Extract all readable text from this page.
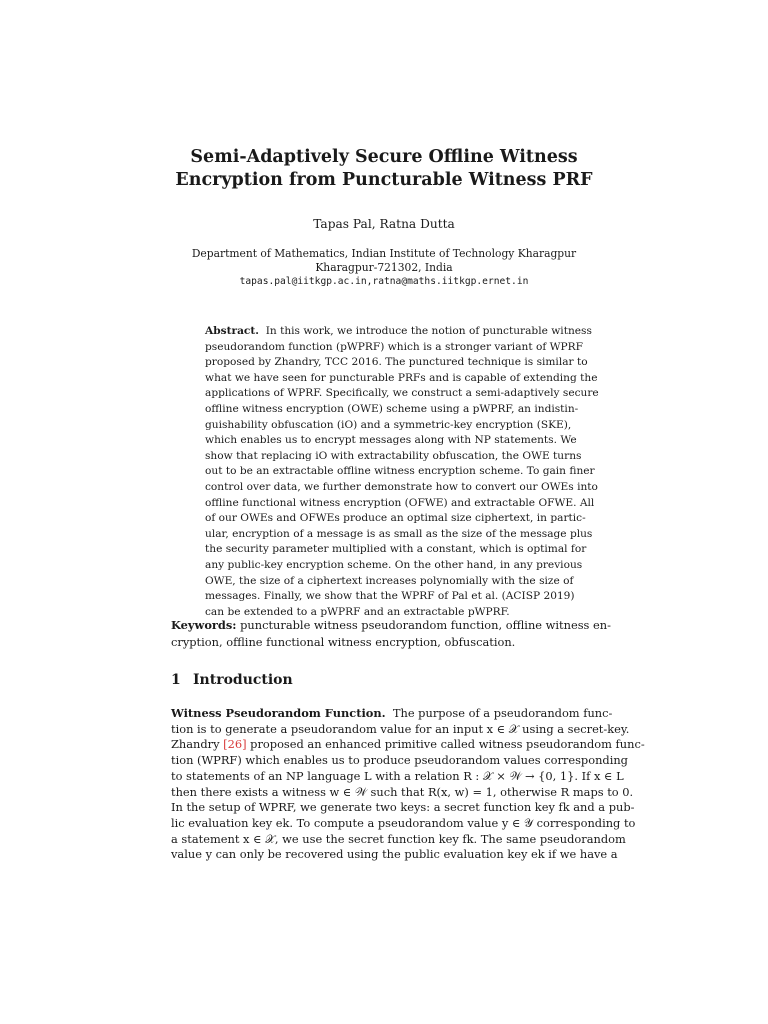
Semi-Adaptively Secure Offline Witness
Encryption from Puncturable Witness PRF
Tapas Pal, Ratna Dutta
Department of Mathematics, Indian Institute of Technology Kharagpur
Kharagpur-721302, India
tapas.pal@iitkgp.ac.in,ratna@maths.iitkgp.ernet.in
Abstract. In this work, we introduce the notion of puncturable witness
pseudorandom function (pWPRF) which is a stronger variant of WPRF
proposed by Zhandry, TCC 2016. The punctured technique is similar to
what we have seen for puncturable PRFs and is capable of extending the
applications of WPRF. Specifically, we construct a semi-adaptively secure
offline witness encryption (OWE) scheme using a pWPRF, an indistin-
guishability obfuscation (iO) and a symmetric-key encryption (SKE),
which enables us to encrypt messages along with NP statements. We
show that replacing iO with extractability obfuscation, the OWE turns
out to be an extractable offline witness encryption scheme. To gain finer
control over data, we further demonstrate how to convert our OWEs into
offline functional witness encryption (OFWE) and extractable OFWE. All
of our OWEs and OFWEs produce an optimal size ciphertext, in partic-
ular, encryption of a message is as small as the size of the message plus
the security parameter multiplied with a constant, which is optimal for
any public-key encryption scheme. On the other hand, in any previous
OWE, the size of a ciphertext increases polynomially with the size of
messages. Finally, we show that the WPRF of Pal et al. (ACISP 2019)
can be extended to a pWPRF and an extractable pWPRF.
Keywords: puncturable witness pseudorandom function, offline witness en-
cryption, offline functional witness encryption, obfuscation.
1 Introduction
Witness Pseudorandom Function. The purpose of a pseudorandom func-
tion is to generate a pseudorandom value for an input x ∈ 𝒳 using a secret-key.
Zhandry [26] proposed an enhanced primitive called witness pseudorandom func-
tion (WPRF) which enables us to produce pseudorandom values corresponding
to statements of an NP language L with a relation R : 𝒳 × 𝒲 → {0, 1}. If x ∈ L
then there exists a witness w ∈ 𝒲 such that R(x, w) = 1, otherwise R maps to 0.
In the setup of WPRF, we generate two keys: a secret function key fk and a pub-
lic evaluation key ek. To compute a pseudorandom value y ∈ 𝒴 corresponding to
a statement x ∈ 𝒳, we use the secret function key fk. The same pseudorandom
value y can only be recovered using the public evaluation key ek if we have a
